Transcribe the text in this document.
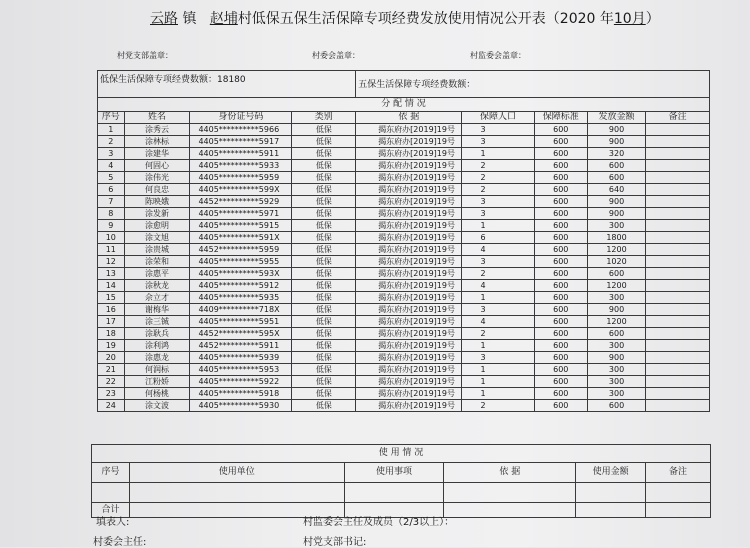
云路 镇 赵埔村低保五保生活保障专项经费发放使用情况公开表（2020 年10月）
村党支部盖章：	村委会盖章：	村监委会盖章：
低保生活保障专项经费数额：18180				五保生活保障专项经费数额：				
分 配 情 况								
序号	姓名	身份证号码	类别	依 据	保障人口	保障标准	发放金额	备注
1	涂秀云	4405**********5966	低保	揭东府办[2019]19号	3	600	900	
2	涂林标	4405**********5917	低保	揭东府办[2019]19号	3	600	900	
3	涂建华	4405**********5911	低保	揭东府办[2019]19号	1	600	320	
4	何固心	4405**********5933	低保	揭东府办[2019]19号	2	600	600	
5	涂伟光	4405**********5959	低保	揭东府办[2019]19号	2	600	600	
6	何良忠	4405**********599X	低保	揭东府办[2019]19号	2	600	640	
7	陈映娥	4452**********5929	低保	揭东府办[2019]19号	3	600	900	
8	涂发新	4405**********5971	低保	揭东府办[2019]19号	3	600	900	
9	涂愈明	4405**********5915	低保	揭东府办[2019]19号	1	600	300	
10	涂文旭	4405**********591X	低保	揭东府办[2019]19号	6	600	1800	
11	涂贵城	4452**********5959	低保	揭东府办[2019]19号	4	600	1200	
12	涂荣和	4405**********5955	低保	揭东府办[2019]19号	3	600	1020	
13	涂惠平	4405**********593X	低保	揭东府办[2019]19号	2	600	600	
14	涂秋龙	4405**********5912	低保	揭东府办[2019]19号	4	600	1200	
15	佘立才	4405**********5935	低保	揭东府办[2019]19号	1	600	300	
16	谢梅华	4409**********718X	低保	揭东府办[2019]19号	3	600	900	
17	涂三铖	4405**********5951	低保	揭东府办[2019]19号	4	600	1200	
18	涂耿兵	4452**********595X	低保	揭东府办[2019]19号	2	600	600	
19	涂利鸿	4452**********5911	低保	揭东府办[2019]19号	1	600	300	
20	涂惠龙	4405**********5939	低保	揭东府办[2019]19号	3	600	900	
21	何润标	4405**********5953	低保	揭东府办[2019]19号	1	600	300	
22	江粉娇	4405**********5922	低保	揭东府办[2019]19号	1	600	300	
23	何杨桃	4405**********5918	低保	揭东府办[2019]19号	1	600	300	
24	涂文波	4405**********5930	低保	揭东府办[2019]19号	2	600	600	
使 用 情 况					
序号	使用单位	使用事项	依 据	使用金额	备注

合计					
填表人:	村监委会主任及成员（2/3以上）：
村委会主任:	村党支部书记:
